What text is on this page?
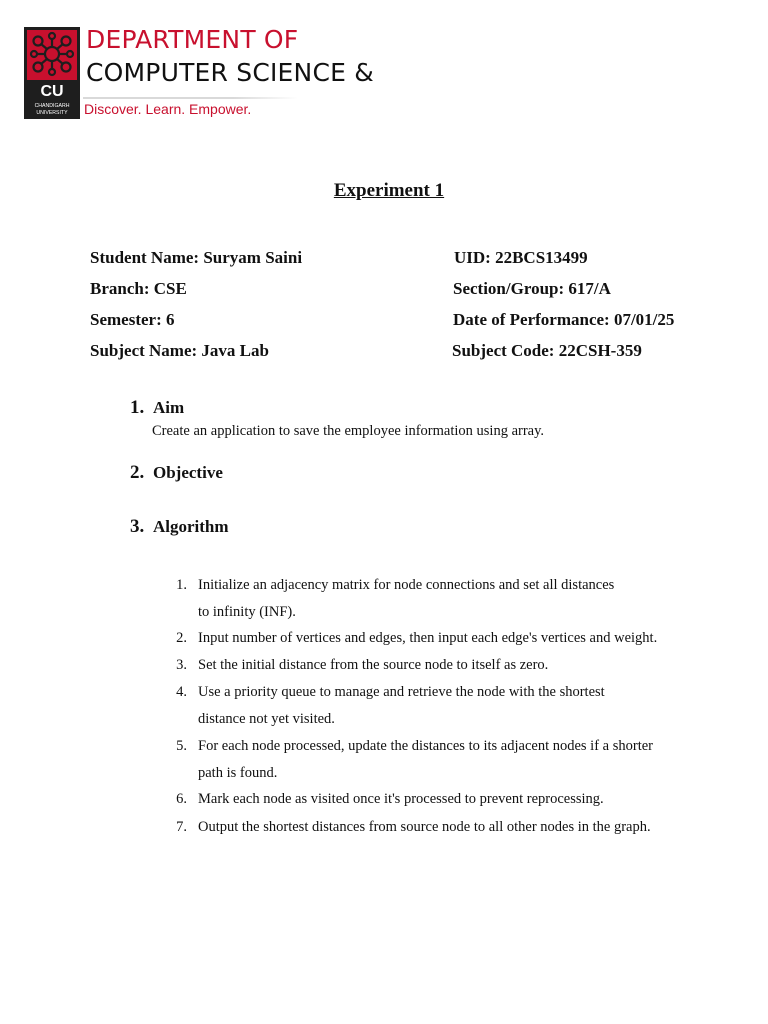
CU
CHANDIGARH
UNIVERSITY
DEPARTMENT OF
COMPUTER SCIENCE &
Discover. Learn. Empower.
Experiment 1
Student Name: Suryam Saini	UID: 22BCS13499
Branch: CSE	Section/Group: 617/A
Semester: 6	Date of Performance: 07/01/25
Subject Name: Java Lab	Subject Code: 22CSH-359
1. Aim
Create an application to save the employee information using array.
2. Objective
3. Algorithm
1. Initialize an adjacency matrix for node connections and set all distances
to infinity (INF).
2. Input number of vertices and edges, then input each edge's vertices and weight.
3. Set the initial distance from the source node to itself as zero.
4. Use a priority queue to manage and retrieve the node with the shortest
distance not yet visited.
5. For each node processed, update the distances to its adjacent nodes if a shorter
path is found.
6. Mark each node as visited once it's processed to prevent reprocessing.
7. Output the shortest distances from source node to all other nodes in the graph.
